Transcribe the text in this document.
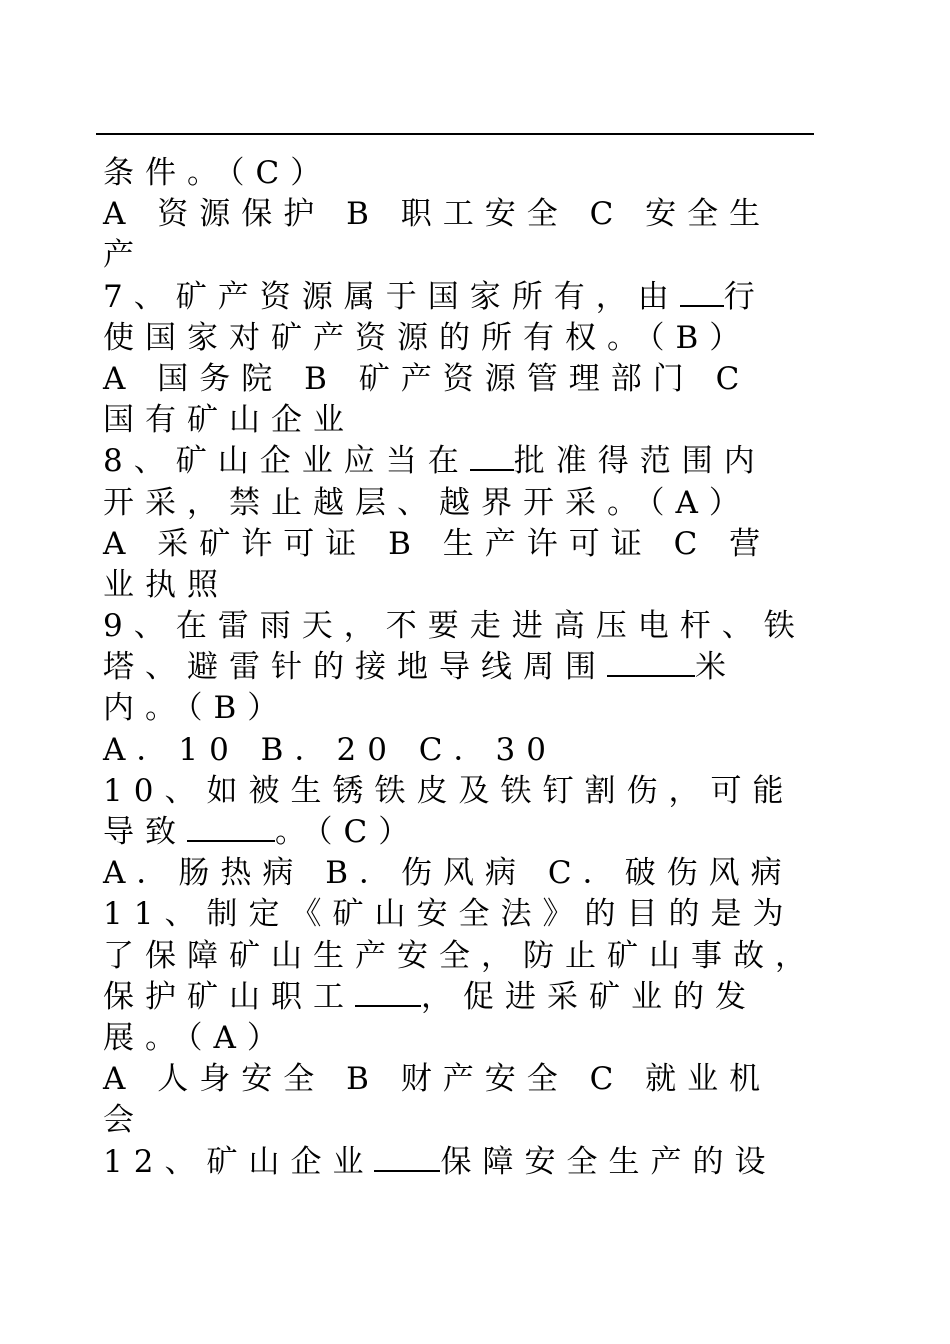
条件。（C）
A 资源保护 B 职工安全 C 安全生
产
7、矿产资源属于国家所有，由 行
使国家对矿产资源的所有权。（B）
A 国务院 B 矿产资源管理部门 C
国有矿山企业
8、矿山企业应当在 批准得范围内
开采，禁止越层、越界开采。（A）
A 采矿许可证 B 生产许可证 C 营
业执照
9、在雷雨天，不要走进高压电杆、铁
塔、避雷针的接地导线周围	米
内。（B）
A．10 B．20 C．30
10、如被生锈铁皮及铁钉割伤，可能
导致	。（C）
A．肠热病 B．伤风病 C．破伤风病
11、制定《矿山安全法》的目的是为
了保障矿山生产安全，防止矿山事故，
保护矿山职工 ，促进采矿业的发
展。（A）
A 人身安全 B 财产安全 C 就业机
会
12、矿山企业 保障安全生产的设
